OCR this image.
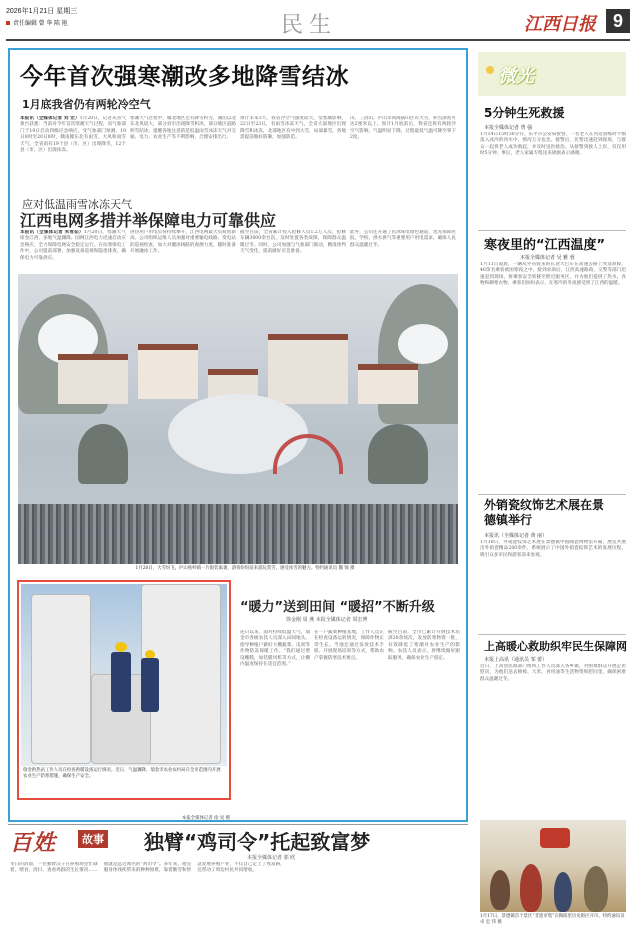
2026年1月21日 星期三
责任编辑 曾 华 陈 艳	民生	江西日报 9
今年首次强寒潮改多地降雪结冰
1月底我省仍有两轮冷空气
本报讯（全媒体记者 刘 宏）1月20日，记者从省气象台获悉：当前对今年首次寒潮天气过程，省气象部门于19日启动四级应急响应。受气象部门预测，19日8时至20日8时，赣南赣东北有雨雪，大风和雨雪天气，全省南有19个县（市、区）出现降雪，12个县（市、区）出现冰冻。
寒潮天气过程中，赣北地区还有降雪积雪，湖泊以北东北风较大，部分县市出现降雪积冰，部分地区道路积雪结冰，提醒各地注意防范低温雨雪冰冻天气对交通、电力、农业生产等不利影响，合理安排出行。
预计未来3天，我省冷空气强度较大，受寒潮影响，22日至23日，有雨雪冰冻天气，全省大部地区出现降雪和冰冻，北部地区有中到大雪，局部暴雪，各地需提前做好防御，加强防范。
山、三清山、庐山等高海拔山区有大雪，积雪深度可达2厘米以上。预计1月底前后，我省还将有两轮冷空气影响，气温明显下降，过程最低气温可降至零下2度。
应对低温雨雪冰冻天气
江西电网多措并举保障电力可靠供应
本报讯（全媒体记者 朱雪茹）1月20日，寒潮天气席卷江西，多地气温骤降。国网江西电力迅速启动应急响应，全力保障电网安全稳定运行。在抗寒保电工作中，公司提前部署，加强设备巡视和隐患排查，确保电力可靠供应。
供热用户用电负荷持续攀升，江西电网最大负荷创新高。公司组织运维人员加强对重要输电线路、变电站的巡视检查，加大对覆冰线路的观测力度，随时准备开展融冰工作。
截至目前，全省累计投入抢修人员1.2万人次，抢修车辆3000余台次，及时处置各类故障，保障群众温暖过冬。同时，公司加强与气象部门联动，精准预判天气变化，提前做好应急准备。
此外，公司还开通了抗冰保电绿色通道，优先保障医院、学校、供水供气等重要用户用电需求，确保人民群众温暖过冬。
1月20日，大雪纷飞，庐山牯岭镇一片银装素裹，游客纷纷前来游玩赏雪，感受冰雪的魅力。特约通讯员 魏 锦 摄
瑞金供热站工作人员在检查供暖设备运行情况。近日，气温骤降，瑞金市农业农村局在全市范围内开展农业生产防寒措施，确保生产安全。
本报全媒体记者 徐 旻 摄
“暖力”送到田间 “暖招”不断升级
徐金刚 周 燕 本报全媒体记者 周宏博
连日以来，面对持续低温天气，瑞金市各级农技人员深入田间地头，指导种植户做好大棚蔬菜、瓜果等作物防冻保暖工作。“我们通过增设棚膜，加装暖风机等方式，让棚内温度保持在适宜范围。”
在一户蔬菜种植基地，工作人员正在检查设备运转情况，保障作物正常生长。当地还通过发放技术手册、开展现场培训等方式，帮助农户掌握防寒技术要点。
截至目前，全市已累计开展技术培训20余场次，发放防寒物资一批，有效降低了寒潮对农业生产的影响。农技人员表示，将继续做好跟踪服务，确保农业生产稳定。
微光
5分钟生死救援
本报全媒体记者 曾 强
1月14日15时30分许，乐平市公安局接警，一名老人在河边晨练时不慎落入冰冷的河水中，情况万分危急。接警后，民警迅速赶到现场，与群众一起将老人成功救起，并及时送医救治。从接警到救人上岸，仅仅用时5分钟。事后，老人家属专程送来锦旗表示感谢。
寒夜里的“江西温度”
本报全媒体记者 吴 雅 蓉
1月11日凌晨，一辆从外省驶来的长途大巴车在高速公路上突发故障，40余名乘客被困寒夜之中。接到求助后，江西高速路政、交警等部门迅速赶到现场，将乘客安全转移至附近服务区，并为他们提供了热水、食物和御寒衣物。乘客们纷纷表示，在寒冷的冬夜感受到了江西的温暖。
外销瓷纹饰艺术展在景德镇举行
本报讯（全媒体记者 黄 丽）
1月18日，外销瓷纹饰艺术展在景德镇中国陶瓷博物馆开幕，展览共展出外销瓷精品200余件，系统展示了中国外销瓷纹饰艺术的发展历程，吸引众多市民和游客前来参观。
上高暖心救助织牢民生保障网
本报上高讯（通讯员 邹 蕾）
近日，上高县民政部门组织工作人员深入各乡镇，对困难群众开展走访慰问，为他们送去棉被、大米、食用油等生活物资和慰问金，确保困难群众温暖过冬。
1月17日，景德镇首个景区“非遗市集”在陶阳里历史街区开市。特约通讯员 卓 忠 伟 摄
百姓	故事 独臂“鸡司令”托起致富梦
本报全媒体记者 郭 欣
冬日的清晨，一位独臂汉子在养殖场里忙碌着，喂食、清扫、查看鸡群的生长情况……他就是远近闻名的“鸡司令”。多年来，他克服身体残疾带来的种种困难，靠着勤劳和智慧发展养殖产业，不仅自己走上了致富路，还带动了周边村民共同增收。
